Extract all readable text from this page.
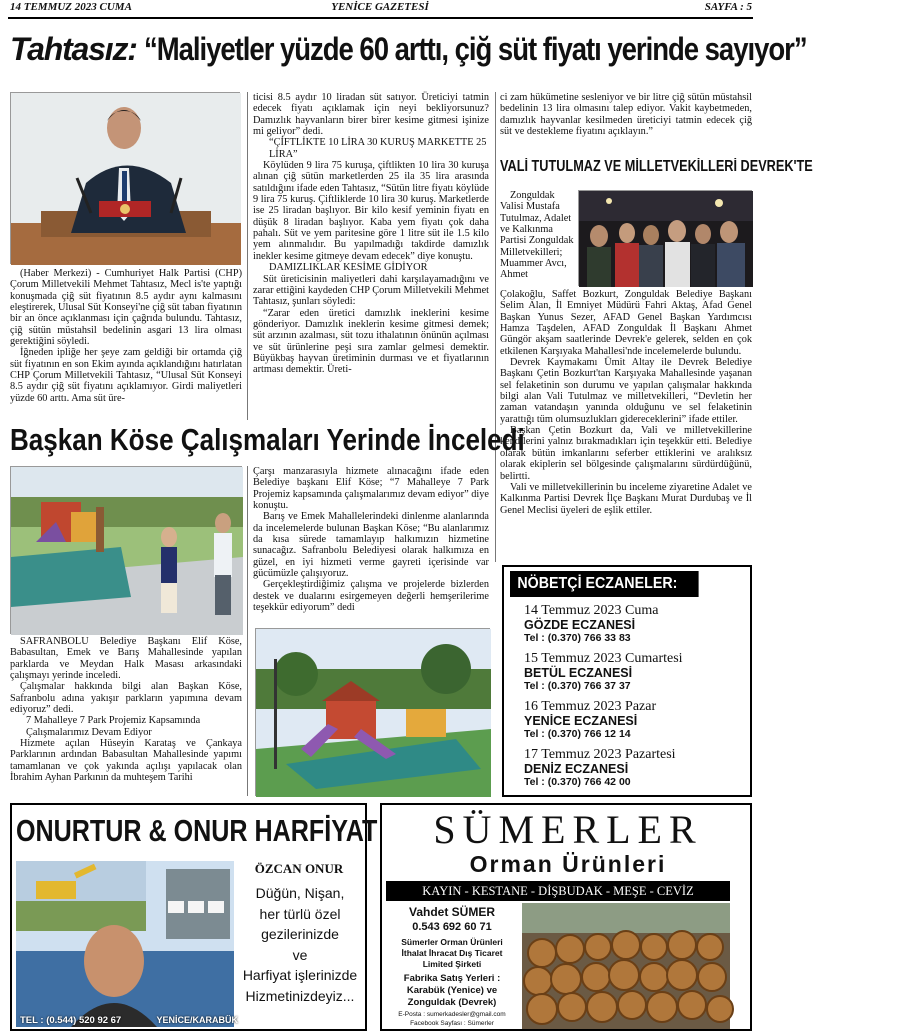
14 TEMMUZ 2023 CUMA	YENİCE GAZETESİ	SAYFA : 5
Tahtasız: “Maliyetler yüzde 60 arttı, çiğ süt fiyatı yerinde sayıyor”

(Haber Merkezi) - Cumhuriyet Halk Partisi (CHP) Çorum Milletvekili Mehmet Tahtasız, Mecl is'te yaptığı konuşmada çiğ süt fiyatının 8.5 aydır aynı kalmasını eleştirerek, Ulusal Süt Konseyi'ne çiğ süt taban fiyatının bir an önce açıklanması için çağrıda bulundu. Tahtasız, çiğ sütün müstahsil bedelinin asgari 13 lira olması gerektiğini söyledi.

İğneden ipliğe her şeye zam geldiği bir ortamda çiğ süt fiyatının en son Ekim ayında açıklandığını hatırlatan CHP Çorum Milletvekili Tahtasız, “Ulusal Süt Konseyi 8.5 aydır çiğ süt fiyatını açıklamıyor. Girdi maliyetleri yüzde 60 arttı. Ama süt üre-

ticisi 8.5 aydır 10 liradan süt satıyor. Üreticiyi tatmin edecek fiyatı açıklamak için neyi bekliyorsunuz? Damızlık hayvanların birer birer kesime gitmesi işinize mi geliyor” dedi.

“ÇİFTLİKTE 10 LİRA 30 KURUŞ MARKETTE 25 LİRA”

Köylüden 9 lira 75 kuruşa, çiftlikten 10 lira 30 kuruşa alınan çiğ sütün marketlerden 25 ila 35 lira arasında satıldığını ifade eden Tahtasız, “Sütün litre fiyatı köylüde 9 lira 75 kuruş. Çiftliklerde 10 lira 30 kuruş. Marketlerde ise 25 liradan başlıyor. Bir kilo kesif yeminin fiyatı en düşük 8 liradan başlıyor. Kaba yem fiyatı çok daha pahalı. Süt ve yem paritesine göre 1 litre süt ile 1.5 kilo yem alınmalıdır. Bu yapılmadığı takdirde damızlık inekler kesime gitmeye devam edecek” diye konuştu.

DAMIZLIKLAR KESİME GİDİYOR

Süt üreticisinin maliyetleri dahi karşılayamadığını ve zarar ettiğini kaydeden CHP Çorum Milletvekili Mehmet Tahtasız, şunları söyledi:

“Zarar eden üretici damızlık ineklerini kesime gönderiyor. Damızlık ineklerin kesime gitmesi demek; süt arzının azalması, süt tozu ithalatının önünün açılması ve süt ürünlerine peşi sıra zamlar gelmesi demektir. Büyükbaş hayvan üretiminin durması ve et fiyatlarının artması demektir. Üreti-

ci zam hükümetine sesleniyor ve bir litre çiğ sütün müstahsil bedelinin 13 lira olmasını talep ediyor. Vakit kaybetmeden, damızlık hayvanlar kesilmeden üreticiyi tatmin edecek çiğ süt ve destekleme fiyatını açıklayın.”

VALİ TUTULMAZ VE MİLLETVEKİLLERİ DEVREK'TE

Zonguldak Valisi Mustafa Tutulmaz, Adalet ve Kalkınma Partisi Zonguldak Milletvekilleri; Muammer Avcı, Ahmet

Çolakoğlu, Saffet Bozkurt, Zonguldak Belediye Başkanı Selim Alan, İl Emniyet Müdürü Fahri Aktaş, Afad Genel Başkan Yunus Sezer, AFAD Genel Başkan Yardımcısı Hamza Taşdelen, AFAD Zonguldak İl Başkanı Ahmet Güngör akşam saatlerinde Devrek'e gelerek, selden en çok etkilenen Karşıyaka Mahallesi'nde incelemelerde bulundu.

Devrek Kaymakamı Ümit Altay ile Devrek Belediye Başkanı Çetin Bozkurt'tan Karşıyaka Mahallesinde yaşanan sel felaketinin son durumu ve yapılan çalışmalar hakkında bilgi alan Vali Tutulmaz ve milletvekilleri, “Devletin her zaman vatandaşın yanında olduğunu ve sel felaketinin yarattığı tüm olumsuzlukları gidereceklerini” ifade ettiler.

Başkan Çetin Bozkurt da, Vali ve milletvekillerine kendilerini yalnız bırakmadıkları için teşekkür etti. Belediye olarak bütün imkanlarını seferber ettiklerini ve aralıksız olarak ekiplerin sel bölgesinde çalışmalarını sürdürdüğünü, belirtti.

Vali ve milletvekillerinin bu inceleme ziyaretine Adalet ve Kalkınma Partisi Devrek İlçe Başkanı Murat Durdubaş ve İl Genel Meclisi üyeleri de eşlik ettiler.

Başkan Köse Çalışmaları Yerinde İnceledi

SAFRANBOLU Belediye Başkanı Elif Köse, Babasultan, Emek ve Barış Mahallesinde yapılan parklarda ve Meydan Halk Masası arkasındaki çalışmayı yerinde inceledi.

Çalışmalar hakkında bilgi alan Başkan Köse, Safranbolu adına yakışır parkların yapımına devam ediyoruz” dedi.

7 Mahalleye 7 Park Projemiz Kapsamında Çalışmalarımız Devam Ediyor

Hizmete açılan Hüseyin Karataş ve Çankaya Parklarının ardından Babasultan Mahallesinde yapımı tamamlanan ve çok yakında açılışı yapılacak olan İbrahim Ayhan Parkının da muhteşem Tarihi

Çarşı manzarasıyla hizmete alınacağını ifade eden Belediye başkanı Elif Köse; “7 Mahalleye 7 Park Projemiz kapsamında çalışmalarımız devam ediyor” diye konuştu.

Barış ve Emek Mahallelerindeki dinlenme alanlarında da incelemelerde bulunan Başkan Köse; “Bu alanlarımız da kısa sürede tamamlayıp halkımızın hizmetine sunacağız. Safranbolu Belediyesi olarak halkımıza en güzel, en iyi hizmeti verme gayreti içerisinde var gücümüzle çalışıyoruz.

Gerçekleştirdiğimiz çalışma ve projelerde bizlerden destek ve dualarını esirgemeyen değerli hemşerilerime teşekkür ediyorum” dedi

NÖBETÇİ ECZANELER:
14 Temmuz 2023 Cuma
GÖZDE ECZANESİ
Tel : (0.370) 766 33 83
15 Temmuz 2023 Cumartesi
BETÜL ECZANESİ
Tel : (0.370) 766 37 37
16 Temmuz 2023 Pazar
YENİCE ECZANESİ
Tel : (0.370) 766 12 14
17 Temmuz 2023 Pazartesi
DENİZ ECZANESİ
Tel : (0.370) 766 42 00
ONURTUR & ONUR HARFİYAT
ÖZCAN ONUR
Düğün, Nişan,
her türlü özel
gezilerinizde
ve
Harfiyat işlerinizde
Hizmetinizdeyiz...
TEL : (0.544) 520 92 67	YENİCE/KARABÜK
SÜMERLER
Orman Ürünleri
KAYIN - KESTANE - DİŞBUDAK - MEŞE - CEVİZ
Vahdet SÜMER
0.543 692 60 71
Sümerler Orman Ürünleri
İthalat İhracat Dış Ticaret
Limited Şirketi
Fabrika Satış Yerleri :
Karabük (Yenice) ve
Zonguldak (Devrek)
E-Posta : sumerkadesler@gmail.com
Facebook Sayfası : Sümerler
